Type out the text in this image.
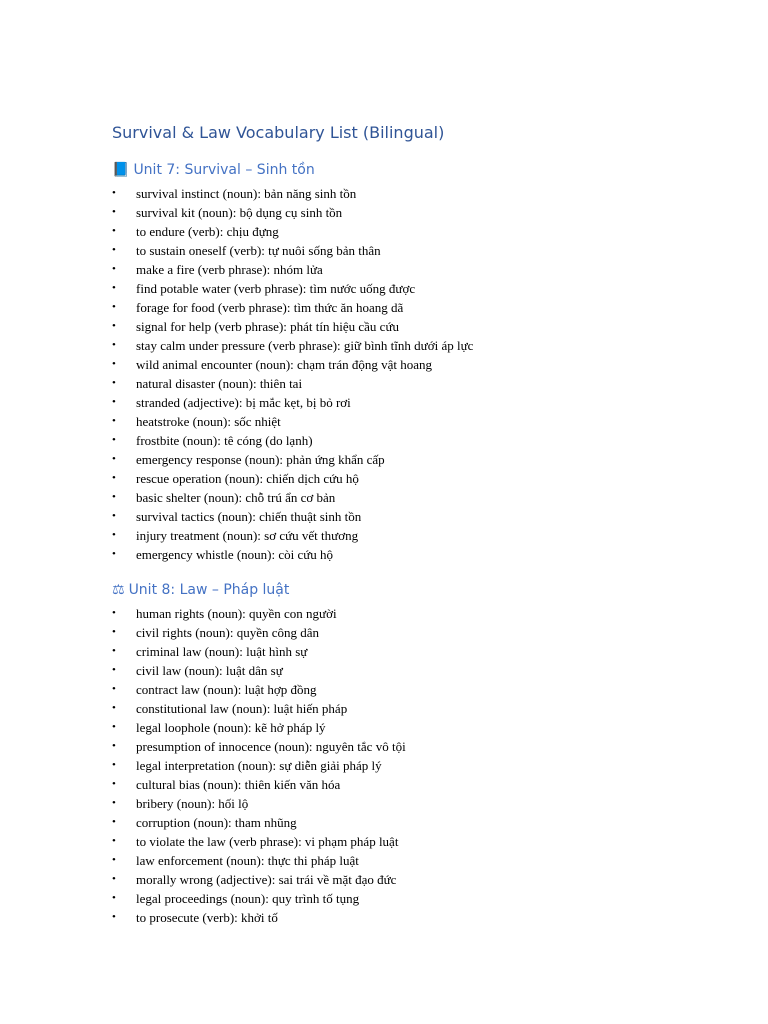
Survival & Law Vocabulary List (Bilingual)
📘 Unit 7: Survival – Sinh tồn
• survival instinct (noun): bản năng sinh tồn
• survival kit (noun): bộ dụng cụ sinh tồn
• to endure (verb): chịu đựng
• to sustain oneself (verb): tự nuôi sống bản thân
• make a fire (verb phrase): nhóm lửa
• find potable water (verb phrase): tìm nước uống được
• forage for food (verb phrase): tìm thức ăn hoang dã
• signal for help (verb phrase): phát tín hiệu cầu cứu
• stay calm under pressure (verb phrase): giữ bình tĩnh dưới áp lực
• wild animal encounter (noun): chạm trán động vật hoang
• natural disaster (noun): thiên tai
• stranded (adjective): bị mắc kẹt, bị bỏ rơi
• heatstroke (noun): sốc nhiệt
• frostbite (noun): tê cóng (do lạnh)
• emergency response (noun): phản ứng khẩn cấp
• rescue operation (noun): chiến dịch cứu hộ
• basic shelter (noun): chỗ trú ẩn cơ bản
• survival tactics (noun): chiến thuật sinh tồn
• injury treatment (noun): sơ cứu vết thương
• emergency whistle (noun): còi cứu hộ
⚖ Unit 8: Law – Pháp luật
• human rights (noun): quyền con người
• civil rights (noun): quyền công dân
• criminal law (noun): luật hình sự
• civil law (noun): luật dân sự
• contract law (noun): luật hợp đồng
• constitutional law (noun): luật hiến pháp
• legal loophole (noun): kẽ hở pháp lý
• presumption of innocence (noun): nguyên tắc vô tội
• legal interpretation (noun): sự diễn giải pháp lý
• cultural bias (noun): thiên kiến văn hóa
• bribery (noun): hối lộ
• corruption (noun): tham nhũng
• to violate the law (verb phrase): vi phạm pháp luật
• law enforcement (noun): thực thi pháp luật
• morally wrong (adjective): sai trái về mặt đạo đức
• legal proceedings (noun): quy trình tố tụng
• to prosecute (verb): khởi tố
